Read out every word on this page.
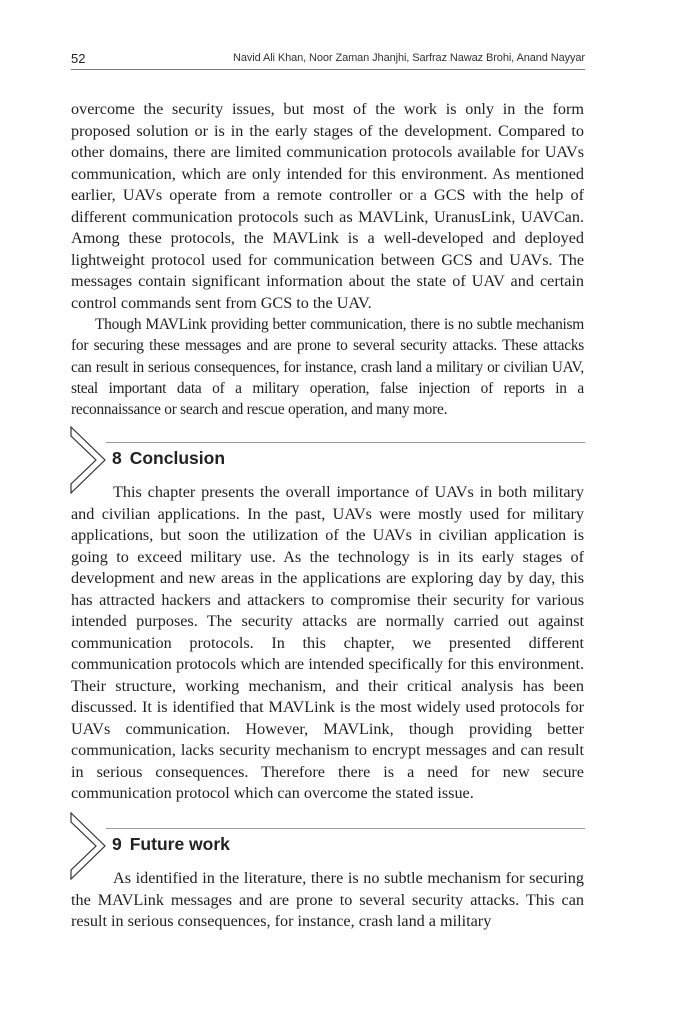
52	Navid Ali Khan, Noor Zaman Jhanjhi, Sarfraz Nawaz Brohi, Anand Nayyar

overcome the security issues, but most of the work is only in the form proposed solution or is in the early stages of the development. Compared to other domains, there are limited communication protocols available for UAVs communication, which are only intended for this environment. As mentioned earlier, UAVs operate from a remote controller or a GCS with the help of different communication protocols such as MAVLink, UranusLink, UAVCan. Among these protocols, the MAVLink is a well-developed and deployed lightweight protocol used for communication between GCS and UAVs. The messages contain significant information about the state of UAV and certain control commands sent from GCS to the UAV.

Though MAVLink providing better communication, there is no subtle mechanism for securing these messages and are prone to several security attacks. These attacks can result in serious consequences, for instance, crash land a military or civilian UAV, steal important data of a military operation, false injection of reports in a reconnaissance or search and rescue operation, and many more.

8 Conclusion

This chapter presents the overall importance of UAVs in both military and civilian applications. In the past, UAVs were mostly used for military applications, but soon the utilization of the UAVs in civilian application is going to exceed military use. As the technology is in its early stages of development and new areas in the applications are exploring day by day, this has attracted hackers and attackers to compromise their security for various intended purposes. The security attacks are normally carried out against communication protocols. In this chapter, we presented different communication protocols which are intended specifically for this environment. Their structure, working mechanism, and their critical analysis has been discussed. It is identified that MAVLink is the most widely used protocols for UAVs communication. However, MAVLink, though providing better communication, lacks security mechanism to encrypt messages and can result in serious consequences. Therefore there is a need for new secure communication protocol which can overcome the stated issue.

9 Future work

As identified in the literature, there is no subtle mechanism for securing the MAVLink messages and are prone to several security attacks. This can result in serious consequences, for instance, crash land a military
